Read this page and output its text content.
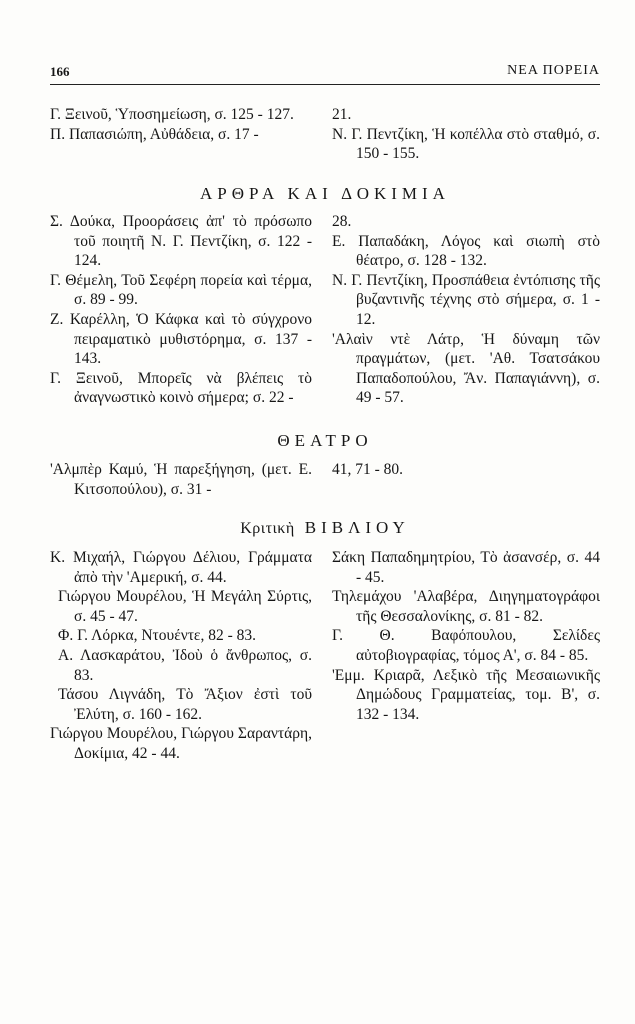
166	ΝΕΑ ΠΟΡΕΙΑ
Γ. Ξεινοῦ, Ὑποσημείωση, σ. 125 - 127.
Π. Παπασιώπη, Αὐθάδεια, σ. 17 -
21.
Ν. Γ. Πεντζίκη, Ἡ κοπέλλα στὸ σταθμό, σ. 150 - 155.
ΑΡΘΡΑ ΚΑΙ ΔΟΚΙΜΙΑ
Σ. Δούκα, Προοράσεις ἀπ' τὸ πρόσωπο τοῦ ποιητῆ Ν. Γ. Πεντζίκη, σ. 122 - 124.
Γ. Θέμελη, Τοῦ Σεφέρη πορεία καὶ τέρμα, σ. 89 - 99.
Ζ. Καρέλλη, Ὁ Κάφκα καὶ τὸ σύγχρονο πειραματικὸ μυθιστόρημα, σ. 137 - 143.
Γ. Ξεινοῦ, Μπορεῖς νὰ βλέπεις τὸ ἀναγνωστικὸ κοινὸ σήμερα; σ. 22 -
28.
Ε. Παπαδάκη, Λόγος καὶ σιωπὴ στὸ θέατρο, σ. 128 - 132.
Ν. Γ. Πεντζίκη, Προσπάθεια ἐντόπισης τῆς βυζαντινῆς τέχνης στὸ σήμερα, σ. 1 - 12.
'Αλαὶν ντὲ Λάτρ, Ἡ δύναμη τῶν πραγμάτων, (μετ. 'Αθ. Τσατσάκου Παπαδοπούλου, Ἄν. Παπαγιάννη), σ. 49 - 57.
ΘΕΑΤΡΟ
'Αλμπὲρ Καμύ, Ἡ παρεξήγηση, (μετ. Ε. Κιτσοπούλου), σ. 31 -
41, 71 - 80.
Κριτικὴ ΒΙΒΛΙΟΥ
Κ. Μιχαήλ, Γιώργου Δέλιου, Γράμματα ἀπὸ τὴν 'Αμερική, σ. 44.
Γιώργου Μουρέλου, Ἡ Μεγάλη Σύρτις, σ. 45 - 47.
Φ. Γ. Λόρκα, Ντουέντε, 82 - 83.
Α. Λασκαράτου, Ἰδοὺ ὁ ἄνθρωπος, σ. 83.
Τάσου Λιγνάδη, Τὸ Ἄξιον ἐστὶ τοῦ Ἐλύτη, σ. 160 - 162.
Γιώργου Μουρέλου, Γιώργου Σαραντάρη, Δοκίμια, 42 - 44.
Σάκη Παπαδημητρίου, Τὸ ἀσανσέρ, σ. 44 - 45.
Τηλεμάχου 'Αλαβέρα, Διηγηματογράφοι τῆς Θεσσαλονίκης, σ. 81 - 82.
Γ. Θ. Βαφόπουλου, Σελίδες αὐτοβιογραφίας, τόμος Α', σ. 84 - 85.
'Εμμ. Κριαρᾶ, Λεξικὸ τῆς Μεσαιωνικῆς Δημώδους Γραμματείας, τομ. Β', σ. 132 - 134.
